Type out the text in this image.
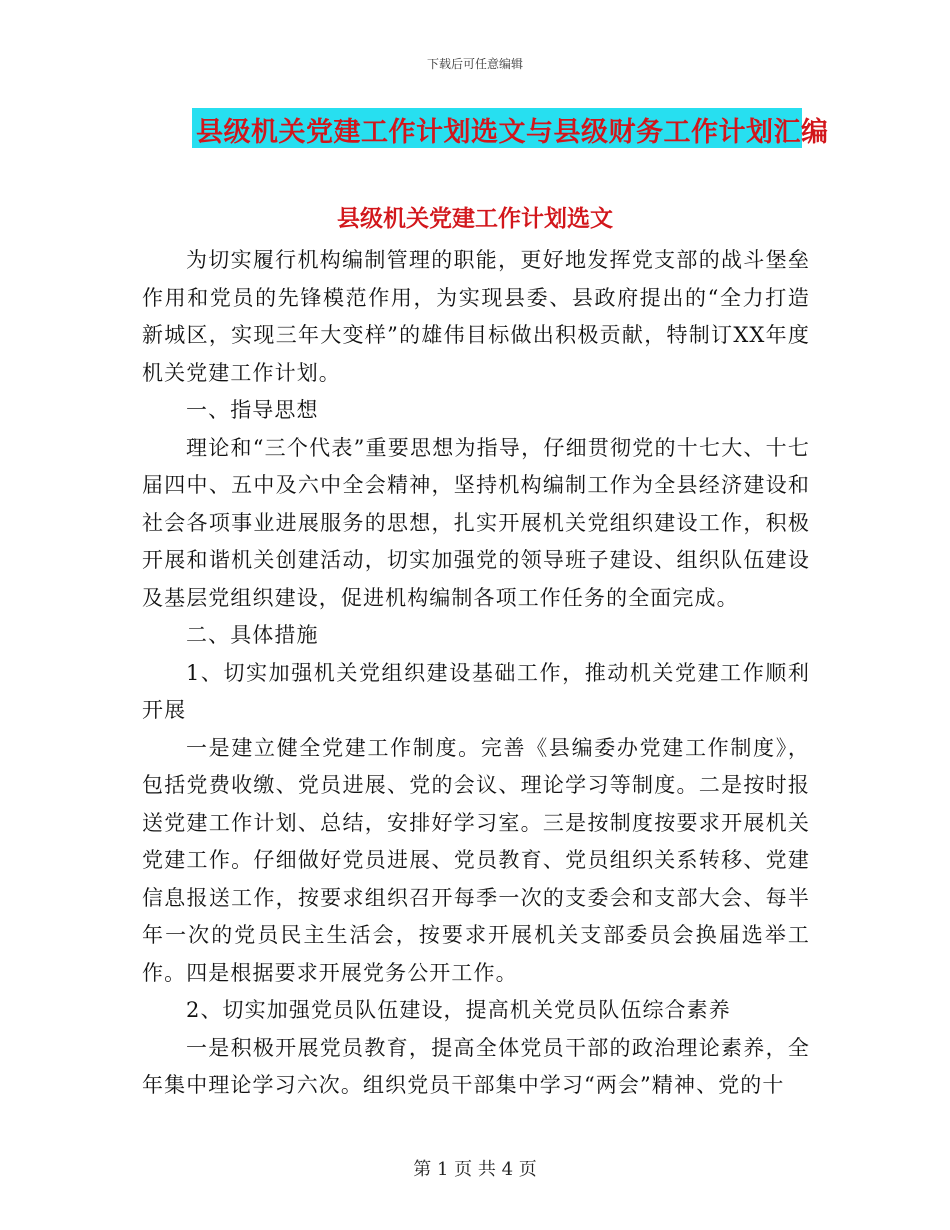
下载后可任意编辑
县级机关党建工作计划选文与县级财务工作计划汇编
县级机关党建工作计划选文

为切实履行机构编制管理的职能，更好地发挥党支部的战斗堡垒作用和党员的先锋模范作用，为实现县委、县政府提出的“全力打造新城区，实现三年大变样”的雄伟目标做出积极贡献，特制订XX年度机关党建工作计划。

一、指导思想

理论和“三个代表”重要思想为指导，仔细贯彻党的十七大、十七届四中、五中及六中全会精神，坚持机构编制工作为全县经济建设和社会各项事业进展服务的思想，扎实开展机关党组织建设工作，积极开展和谐机关创建活动，切实加强党的领导班子建设、组织队伍建设及基层党组织建设，促进机构编制各项工作任务的全面完成。

二、具体措施

1、切实加强机关党组织建设基础工作，推动机关党建工作顺利开展

一是建立健全党建工作制度。完善《县编委办党建工作制度》，包括党费收缴、党员进展、党的会议、理论学习等制度。二是按时报送党建工作计划、总结，安排好学习室。三是按制度按要求开展机关党建工作。仔细做好党员进展、党员教育、党员组织关系转移、党建信息报送工作，按要求组织召开每季一次的支委会和支部大会、每半年一次的党员民主生活会，按要求开展机关支部委员会换届选举工作。四是根据要求开展党务公开工作。

2、切实加强党员队伍建设，提高机关党员队伍综合素养

一是积极开展党员教育，提高全体党员干部的政治理论素养，全年集中理论学习六次。组织党员干部集中学习“两会”精神、党的十

第 1 页 共 4 页
